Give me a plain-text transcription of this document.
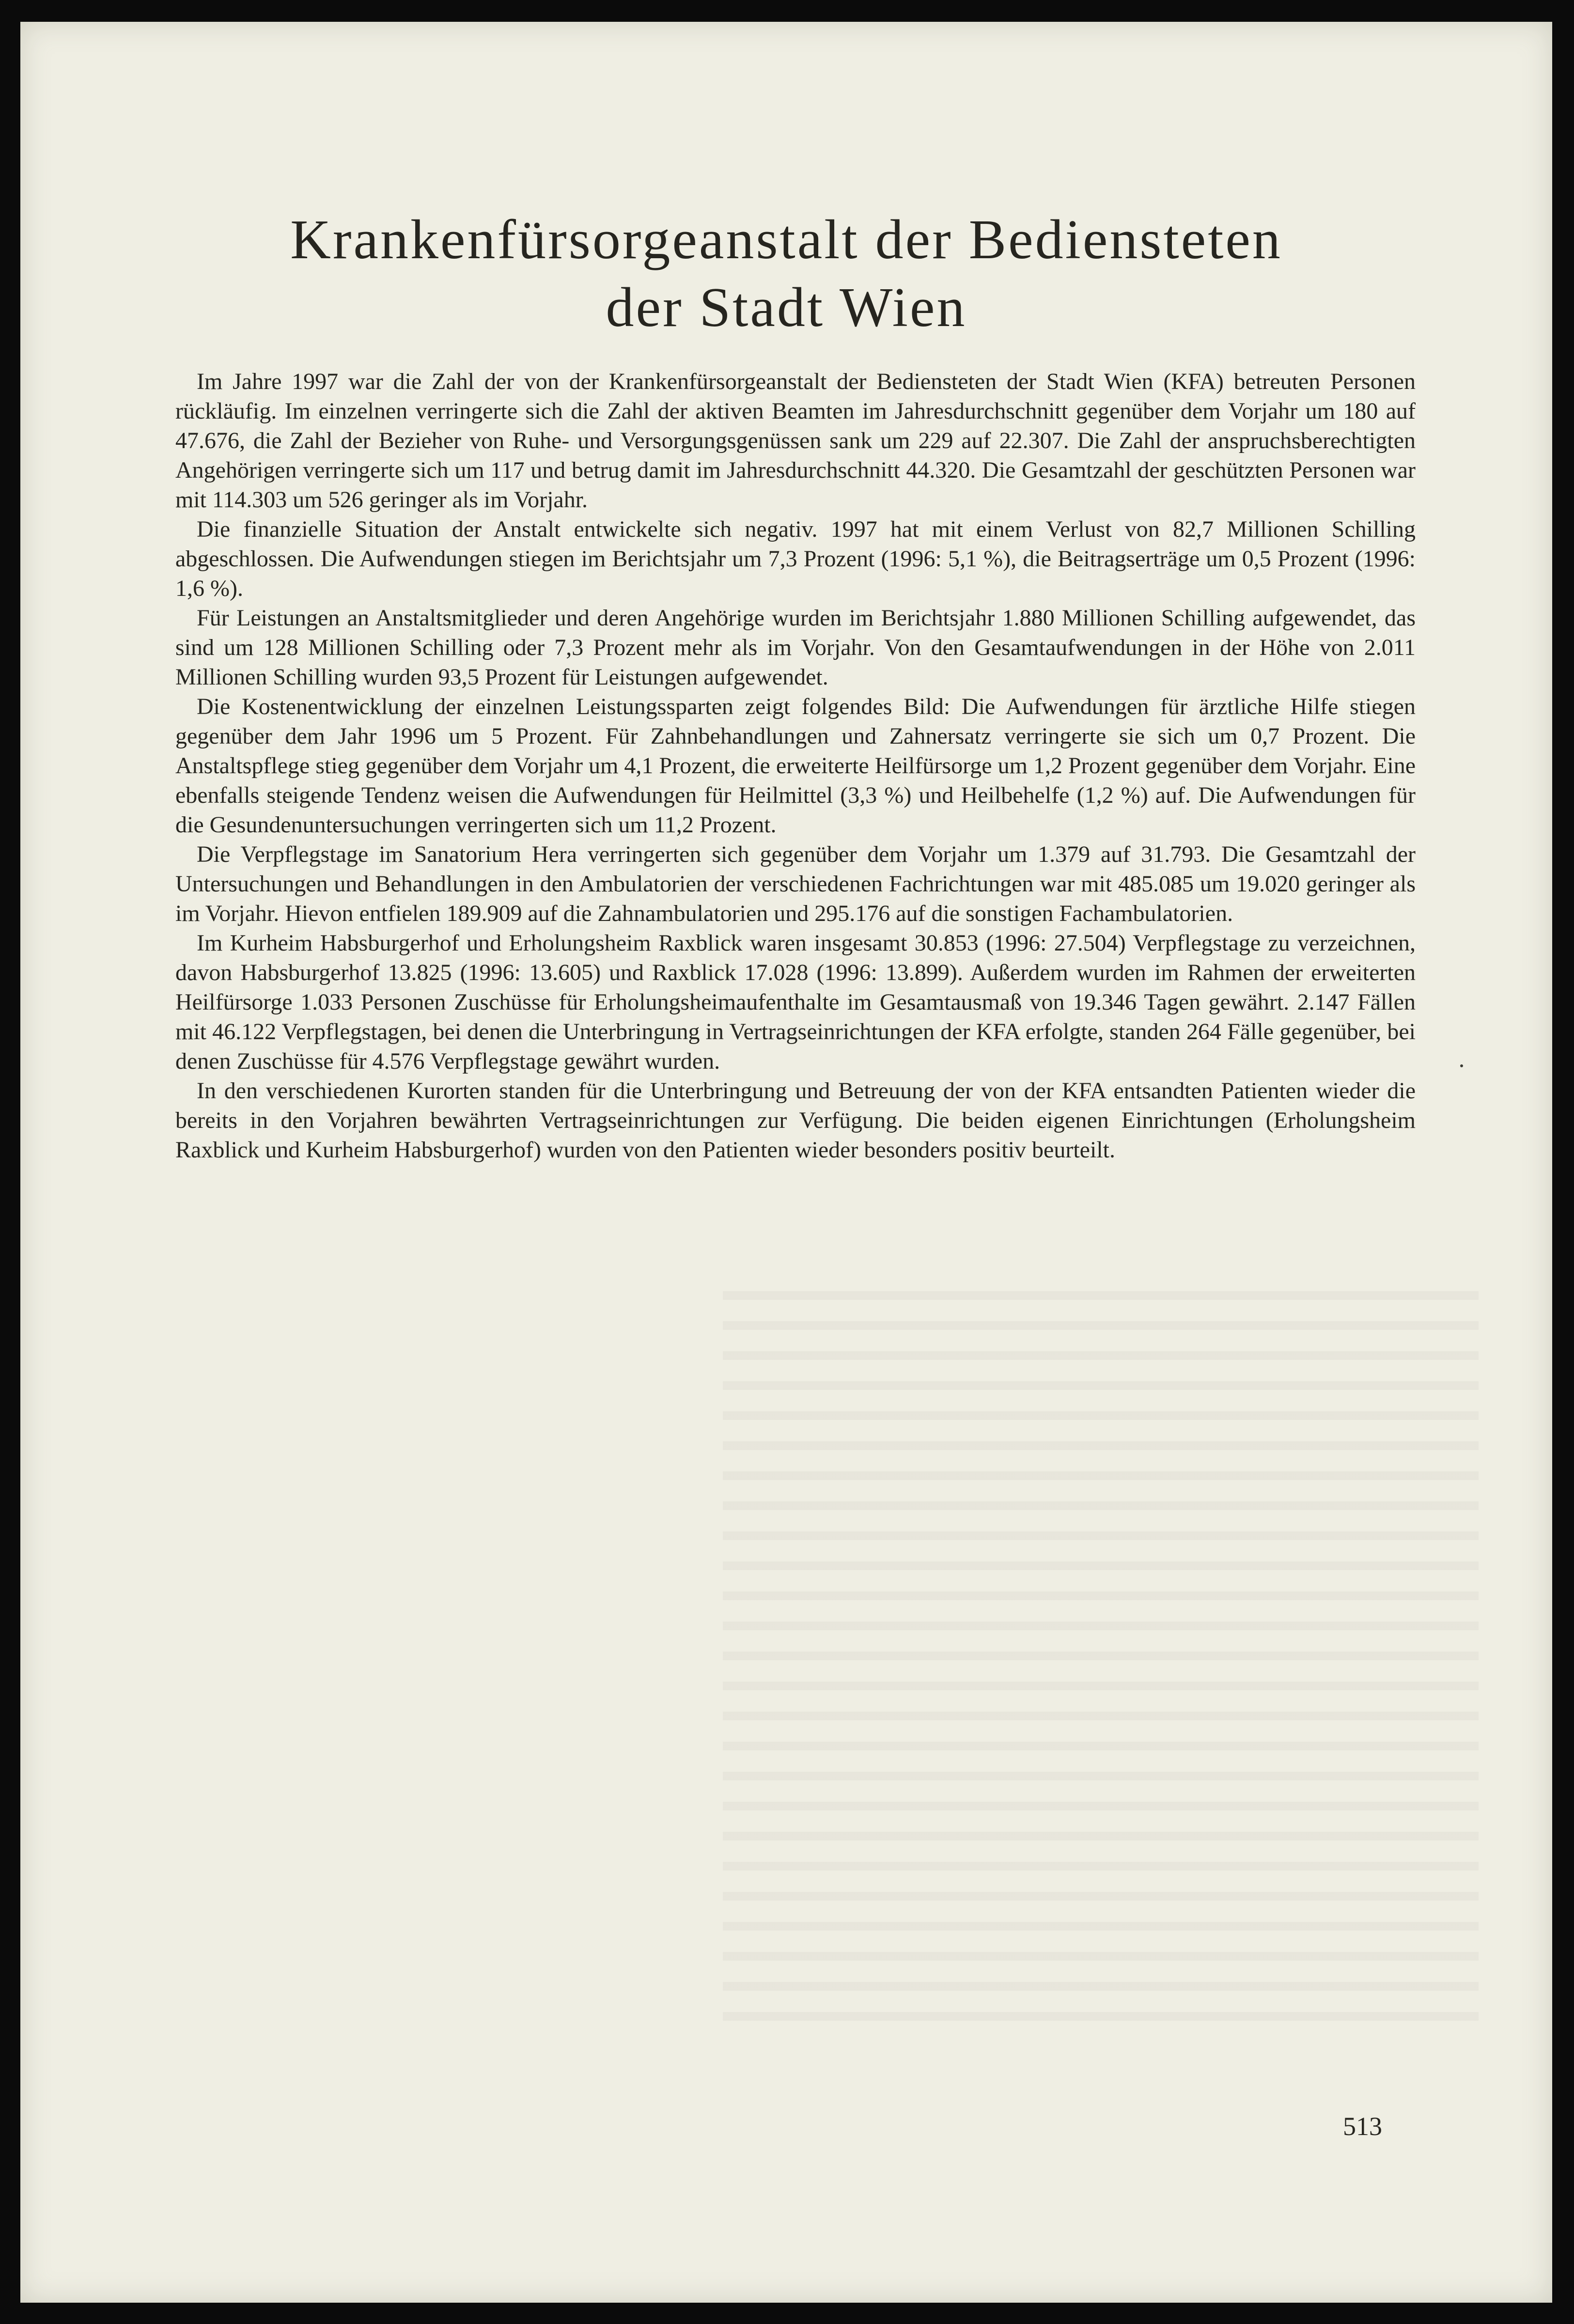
Krankenfürsorgeanstalt der Bediensteten
der Stadt Wien

Im Jahre 1997 war die Zahl der von der Krankenfürsorgeanstalt der Bediensteten der Stadt Wien (KFA) betreuten Personen rückläufig. Im einzelnen verringerte sich die Zahl der aktiven Beamten im Jahresdurchschnitt gegenüber dem Vorjahr um 180 auf 47.676, die Zahl der Bezieher von Ruhe- und Versorgungsgenüssen sank um 229 auf 22.307. Die Zahl der anspruchsberechtigten Angehörigen verringerte sich um 117 und betrug damit im Jahresdurchschnitt 44.320. Die Gesamtzahl der geschützten Personen war mit 114.303 um 526 geringer als im Vorjahr.

Die finanzielle Situation der Anstalt entwickelte sich negativ. 1997 hat mit einem Verlust von 82,7 Millionen Schilling abgeschlossen. Die Aufwendungen stiegen im Berichtsjahr um 7,3 Prozent (1996: 5,1 %), die Beitragserträge um 0,5 Prozent (1996: 1,6 %).

Für Leistungen an Anstaltsmitglieder und deren Angehörige wurden im Berichtsjahr 1.880 Millionen Schilling aufgewendet, das sind um 128 Millionen Schilling oder 7,3 Prozent mehr als im Vorjahr. Von den Gesamtaufwendungen in der Höhe von 2.011 Millionen Schilling wurden 93,5 Prozent für Leistungen aufgewendet.

Die Kostenentwicklung der einzelnen Leistungssparten zeigt folgendes Bild: Die Aufwendungen für ärztliche Hilfe stiegen gegenüber dem Jahr 1996 um 5 Prozent. Für Zahnbehandlungen und Zahnersatz verringerte sie sich um 0,7 Prozent. Die Anstaltspflege stieg gegenüber dem Vorjahr um 4,1 Prozent, die erweiterte Heilfürsorge um 1,2 Prozent gegenüber dem Vorjahr. Eine ebenfalls steigende Tendenz weisen die Aufwendungen für Heilmittel (3,3 %) und Heilbehelfe (1,2 %) auf. Die Aufwendungen für die Gesundenuntersuchungen verringerten sich um 11,2 Prozent.

Die Verpflegstage im Sanatorium Hera verringerten sich gegenüber dem Vorjahr um 1.379 auf 31.793. Die Gesamtzahl der Untersuchungen und Behandlungen in den Ambulatorien der verschiedenen Fachrichtungen war mit 485.085 um 19.020 geringer als im Vorjahr. Hievon entfielen 189.909 auf die Zahnambulatorien und 295.176 auf die sonstigen Fachambulatorien.

Im Kurheim Habsburgerhof und Erholungsheim Raxblick waren insgesamt 30.853 (1996: 27.504) Verpflegstage zu verzeichnen, davon Habsburgerhof 13.825 (1996: 13.605) und Raxblick 17.028 (1996: 13.899). Außerdem wurden im Rahmen der erweiterten Heilfürsorge 1.033 Personen Zuschüsse für Erholungsheimaufenthalte im Gesamtausmaß von 19.346 Tagen gewährt. 2.147 Fällen mit 46.122 Verpflegstagen, bei denen die Unterbringung in Vertragseinrichtungen der KFA erfolgte, standen 264 Fälle gegenüber, bei denen Zuschüsse für 4.576 Verpflegstage gewährt wurden.

In den verschiedenen Kurorten standen für die Unterbringung und Betreuung der von der KFA entsandten Patienten wieder die bereits in den Vorjahren bewährten Vertragseinrichtungen zur Verfügung. Die beiden eigenen Einrichtungen (Erholungsheim Raxblick und Kurheim Habsburgerhof) wurden von den Patienten wieder besonders positiv beurteilt.

513
